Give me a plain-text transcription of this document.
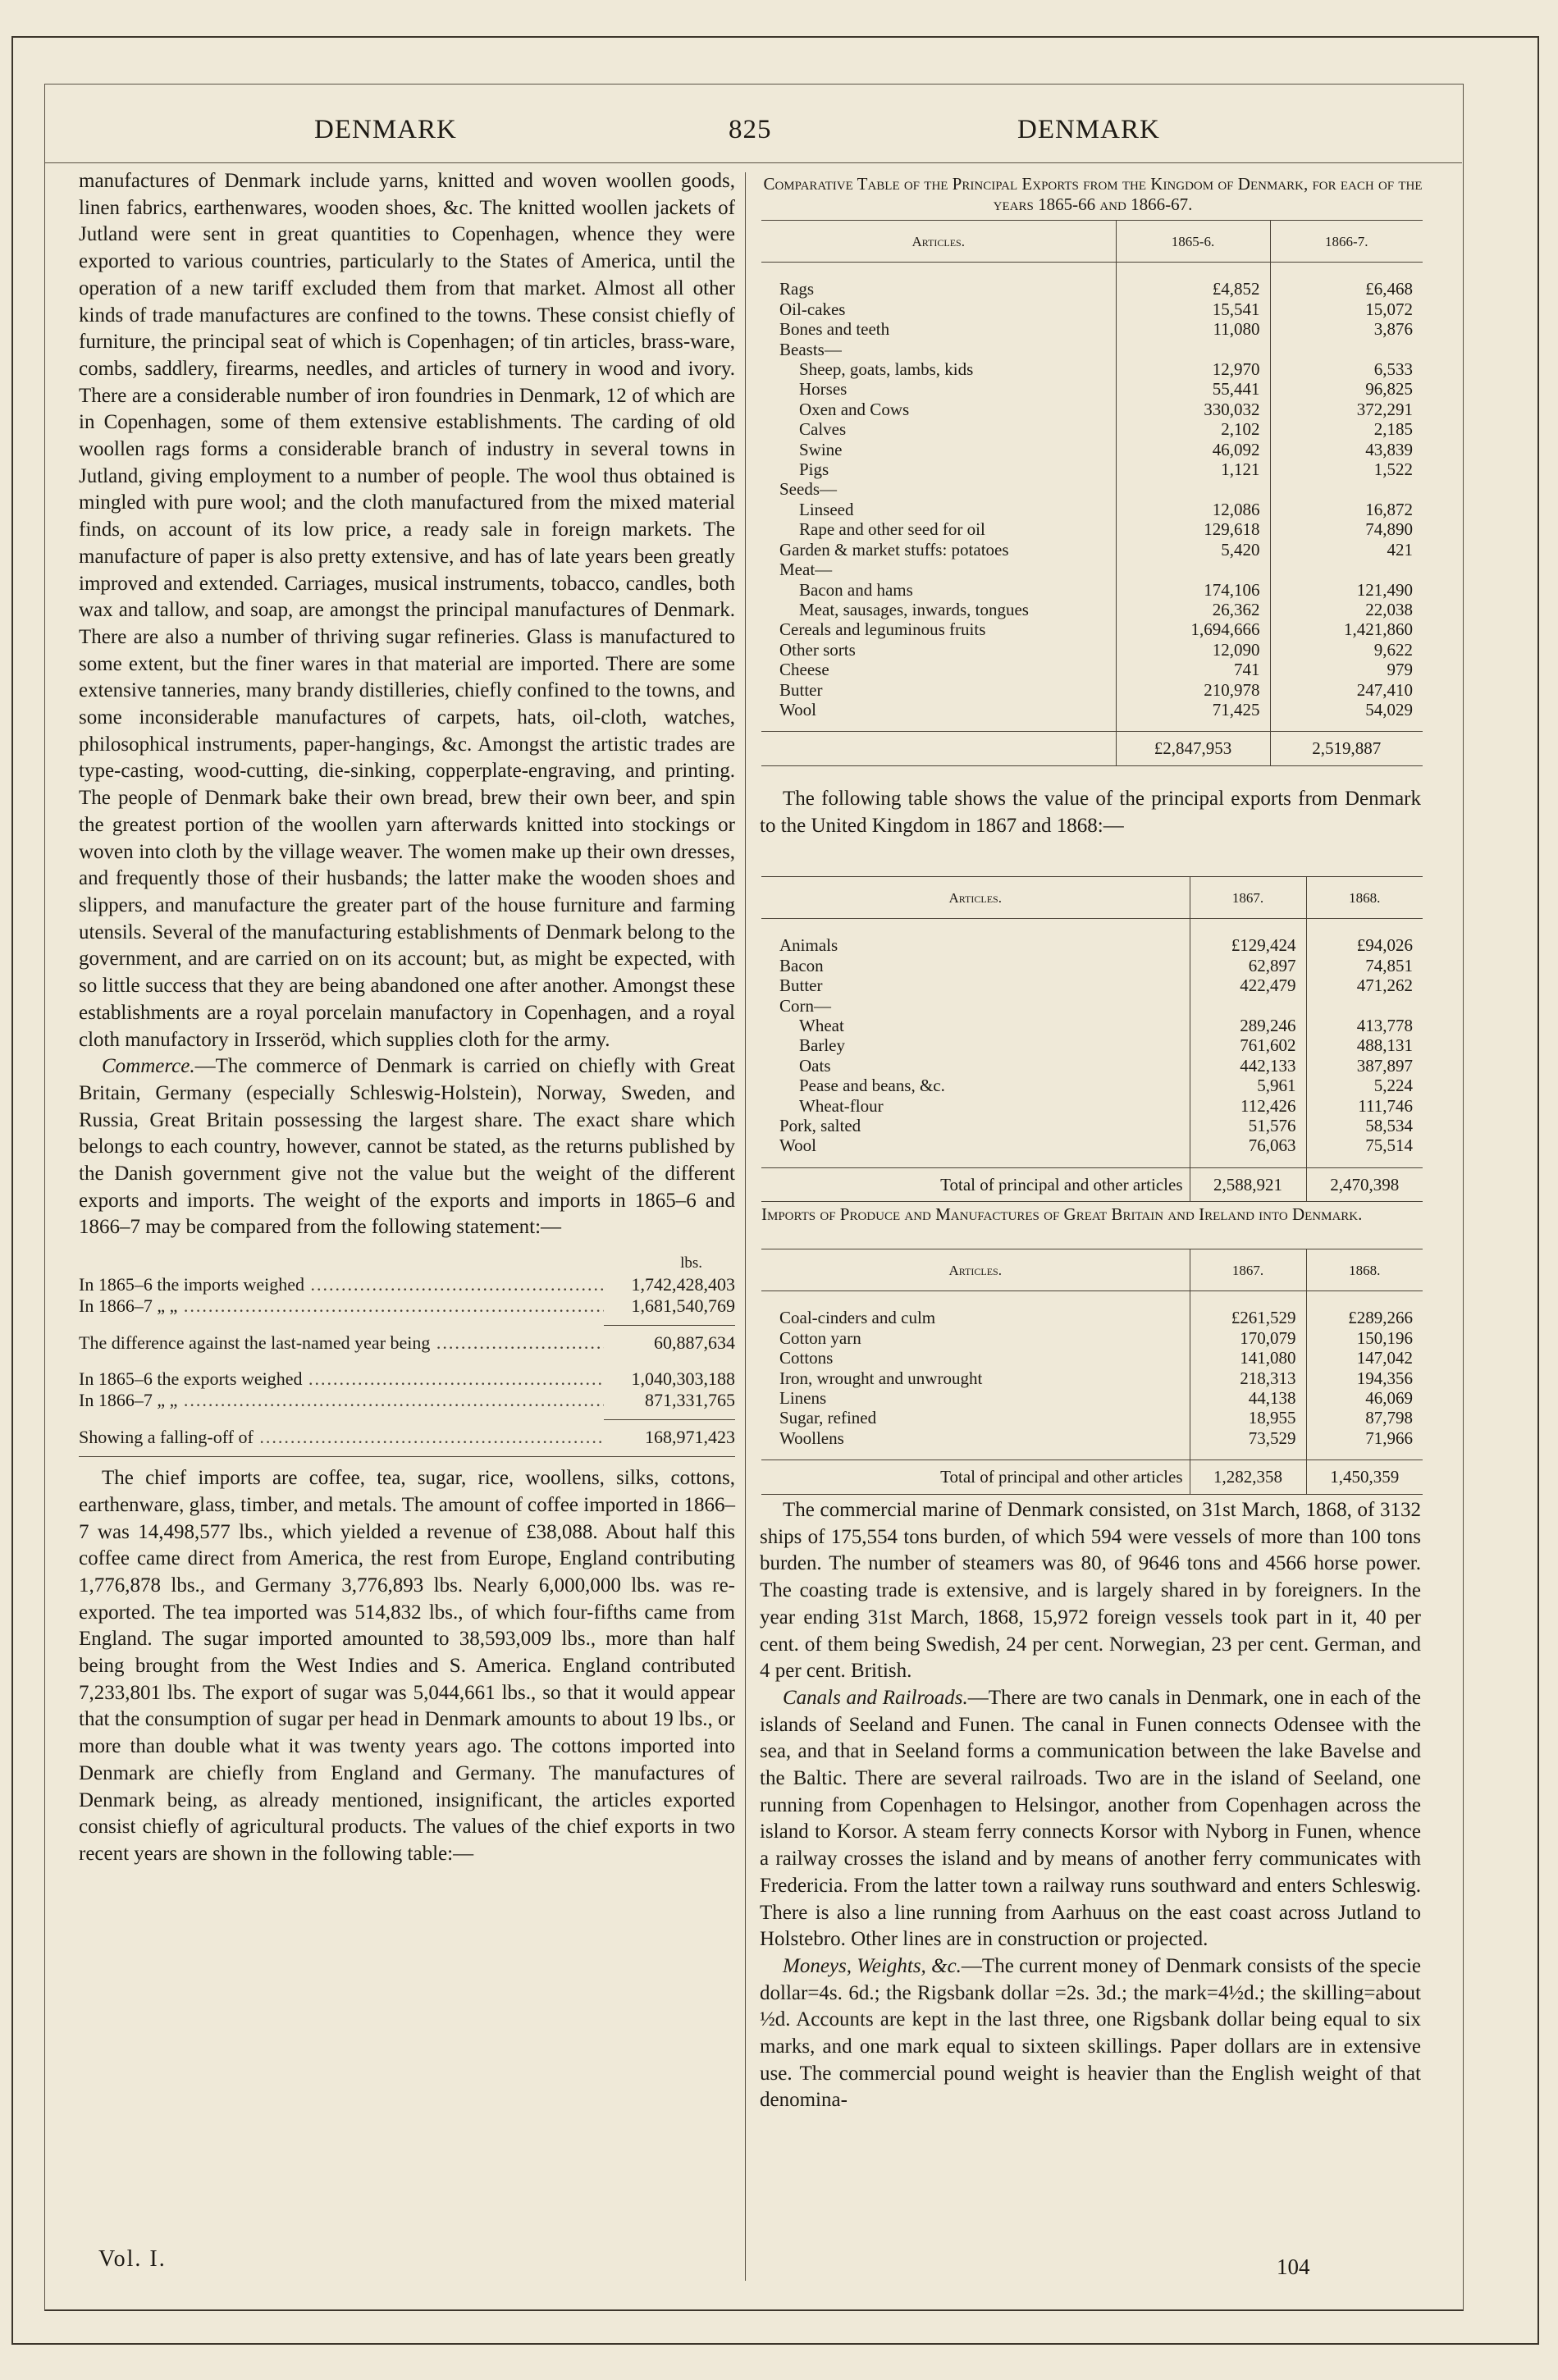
DENMARK	825	DENMARK

manufactures of Denmark include yarns, knitted and woven woollen goods, linen fabrics, earthenwares, wooden shoes, &c. The knitted woollen jackets of Jutland were sent in great quantities to Copenhagen, whence they were exported to various countries, particularly to the States of America, until the operation of a new tariff excluded them from that market. Almost all other kinds of trade manufactures are confined to the towns. These consist chiefly of furniture, the principal seat of which is Copenhagen; of tin articles, brass-ware, combs, saddlery, firearms, needles, and articles of turnery in wood and ivory. There are a considerable number of iron foundries in Denmark, 12 of which are in Copenhagen, some of them extensive establishments. The carding of old woollen rags forms a considerable branch of industry in several towns in Jutland, giving employment to a number of people. The wool thus obtained is mingled with pure wool; and the cloth manufactured from the mixed material finds, on account of its low price, a ready sale in foreign markets. The manufacture of paper is also pretty extensive, and has of late years been greatly improved and extended. Carriages, musical instruments, tobacco, candles, both wax and tallow, and soap, are amongst the principal manufactures of Denmark. There are also a number of thriving sugar refineries. Glass is manufactured to some extent, but the finer wares in that material are imported. There are some extensive tanneries, many brandy distilleries, chiefly confined to the towns, and some inconsiderable manufactures of carpets, hats, oil-cloth, watches, philosophical instruments, paper-hangings, &c. Amongst the artistic trades are type-casting, wood-cutting, die-sinking, copperplate-engraving, and printing. The people of Denmark bake their own bread, brew their own beer, and spin the greatest portion of the woollen yarn afterwards knitted into stockings or woven into cloth by the village weaver. The women make up their own dresses, and frequently those of their husbands; the latter make the wooden shoes and slippers, and manufacture the greater part of the house furniture and farming utensils. Several of the manufacturing establishments of Denmark belong to the government, and are carried on on its account; but, as might be expected, with so little success that they are being abandoned one after another. Amongst these establishments are a royal porcelain manufactory in Copenhagen, and a royal cloth manufactory in Irsseröd, which supplies cloth for the army.

Commerce.—The commerce of Denmark is carried on chiefly with Great Britain, Germany (especially Schleswig-Holstein), Norway, Sweden, and Russia, Great Britain possessing the largest share. The exact share which belongs to each country, however, cannot be stated, as the returns published by the Danish government give not the value but the weight of the different exports and imports. The weight of the exports and imports in 1865–6 and 1866–7 may be compared from the following statement:—

lbs.
In 1865–6 the imports weighed .....	1,742,428,403
In 1866–7 „ „ .....	1,681,540,769
The difference against the last-named year being .....	60,887,634
In 1865–6 the exports weighed .....	1,040,303,188
In 1866–7 „ „ .....	871,331,765
Showing a falling-off of .....	168,971,423

The chief imports are coffee, tea, sugar, rice, woollens, silks, cottons, earthenware, glass, timber, and metals. The amount of coffee imported in 1866–7 was 14,498,577 lbs., which yielded a revenue of £38,088. About half this coffee came direct from America, the rest from Europe, England contributing 1,776,878 lbs., and Germany 3,776,893 lbs. Nearly 6,000,000 lbs. was re-exported. The tea imported was 514,832 lbs., of which four-fifths came from England. The sugar imported amounted to 38,593,009 lbs., more than half being brought from the West Indies and S. America. England contributed 7,233,801 lbs. The export of sugar was 5,044,661 lbs., so that it would appear that the consumption of sugar per head in Denmark amounts to about 19 lbs., or more than double what it was twenty years ago. The cottons imported into Denmark are chiefly from England and Germany. The manufactures of Denmark being, as already mentioned, insignificant, the articles exported consist chiefly of agricultural products. The values of the chief exports in two recent years are shown in the following table:—

Comparative Table of the Principal Exports from the Kingdom of Denmark, for each of the years 1865-66 and 1866-67.
Articles.	1865-6.	1866-7.
Rags	£4,852	£6,468
Oil-cakes	15,541	15,072
Bones and teeth	11,080	3,876
Beasts—		
Sheep, goats, lambs, kids	12,970	6,533
Horses	55,441	96,825
Oxen and Cows	330,032	372,291
Calves	2,102	2,185
Swine	46,092	43,839
Pigs	1,121	1,522
Seeds—		
Linseed	12,086	16,872
Rape and other seed for oil	129,618	74,890
Garden & market stuffs: potatoes	5,420	421
Meat—		
Bacon and hams	174,106	121,490
Meat, sausages, inwards, tongues	26,362	22,038
Cereals and leguminous fruits	1,694,666	1,421,860
Other sorts	12,090	9,622
Cheese	741	979
Butter	210,978	247,410
Wool	71,425	54,029
	£2,847,953	2,519,887

The following table shows the value of the principal exports from Denmark to the United Kingdom in 1867 and 1868:—

Articles.	1867.	1868.
Animals	£129,424	£94,026
Bacon	62,897	74,851
Butter	422,479	471,262
Corn—		
Wheat	289,246	413,778
Barley	761,602	488,131
Oats	442,133	387,897
Pease and beans, &c.	5,961	5,224
Wheat-flour	112,426	111,746
Pork, salted	51,576	58,534
Wool	76,063	75,514
Total of principal and other articles	2,588,921	2,470,398
Imports of Produce and Manufactures of Great Britain and Ireland into Denmark.
Articles.	1867.	1868.
Coal-cinders and culm	£261,529	£289,266
Cotton yarn	170,079	150,196
Cottons	141,080	147,042
Iron, wrought and unwrought	218,313	194,356
Linens	44,138	46,069
Sugar, refined	18,955	87,798
Woollens	73,529	71,966
Total of principal and other articles	1,282,358	1,450,359

The commercial marine of Denmark consisted, on 31st March, 1868, of 3132 ships of 175,554 tons burden, of which 594 were vessels of more than 100 tons burden. The number of steamers was 80, of 9646 tons and 4566 horse power. The coasting trade is extensive, and is largely shared in by foreigners. In the year ending 31st March, 1868, 15,972 foreign vessels took part in it, 40 per cent. of them being Swedish, 24 per cent. Norwegian, 23 per cent. German, and 4 per cent. British.

Canals and Railroads.—There are two canals in Denmark, one in each of the islands of Seeland and Funen. The canal in Funen connects Odensee with the sea, and that in Seeland forms a communication between the lake Bavelse and the Baltic. There are several railroads. Two are in the island of Seeland, one running from Copenhagen to Helsingor, another from Copenhagen across the island to Korsor. A steam ferry connects Korsor with Nyborg in Funen, whence a railway crosses the island and by means of another ferry communicates with Fredericia. From the latter town a railway runs southward and enters Schleswig. There is also a line running from Aarhuus on the east coast across Jutland to Holstebro. Other lines are in construction or projected.

Moneys, Weights, &c.—The current money of Denmark consists of the specie dollar=4s. 6d.; the Rigsbank dollar =2s. 3d.; the mark=4½d.; the skilling=about ½d. Accounts are kept in the last three, one Rigsbank dollar being equal to six marks, and one mark equal to sixteen skillings. Paper dollars are in extensive use. The commercial pound weight is heavier than the English weight of that denomina-

Vol. I.	104
